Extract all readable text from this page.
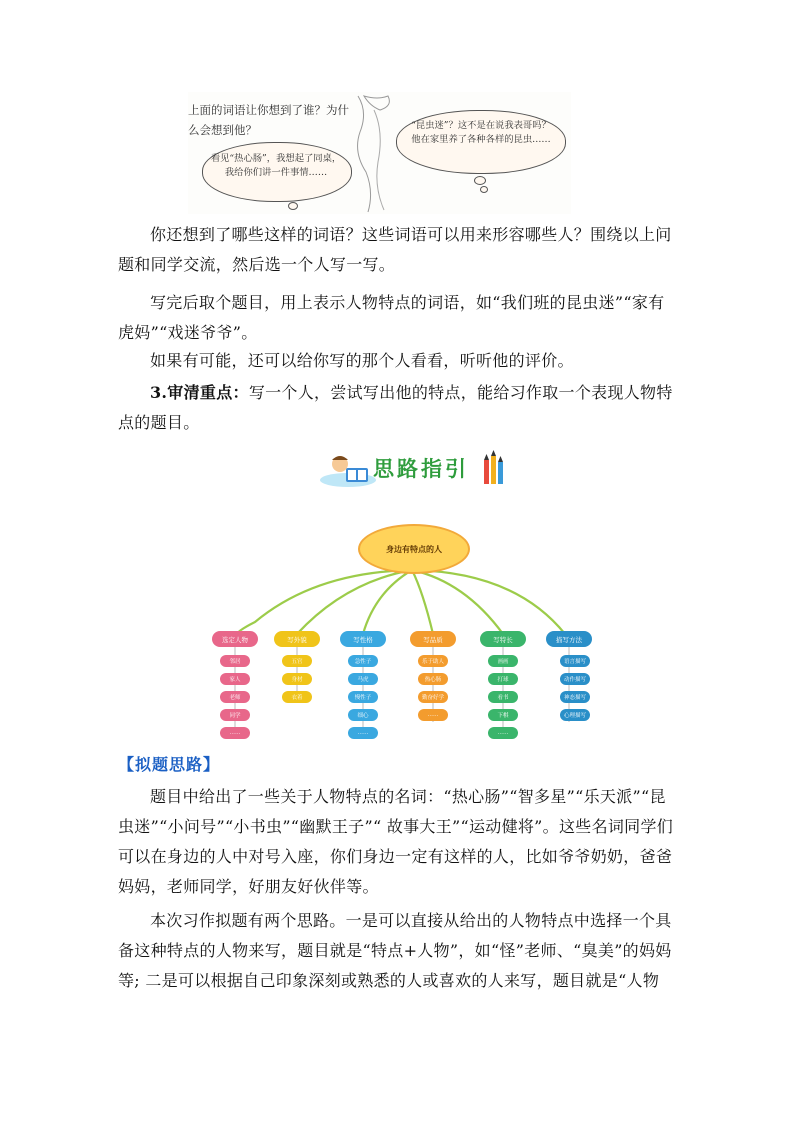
上面的词语让你想到了谁？为什么会想到他？
看见“热心肠”，我想起了同桌，我给你们讲一件事情……
“昆虫迷”？这不是在说我表哥吗？他在家里养了各种各样的昆虫……
你还想到了哪些这样的词语？这些词语可以用来形容哪些人？围绕以上问题和同学交流，然后选一个人写一写。
写完后取个题目，用上表示人物特点的词语，如“我们班的昆虫迷”“家有虎妈”“戏迷爷爷”。
如果有可能，还可以给你写的那个人看看，听听他的评价。
3.审清重点：写一个人，尝试写出他的特点，能给习作取一个表现人物特点的题目。
思路指引
身边有特点的人
选定人物
邻居
家人
老师
同学
……
写外貌
五官
身材
衣着
写性格
急性子
马虎
慢性子
细心
……
写品质
乐于助人
热心肠
勤奋好学
……
写特长
画画
打球
看书
下棋
……
描写方法
语言描写
动作描写
神态描写
心理描写
【拟题思路】
题目中给出了一些关于人物特点的名词：“热心肠”“智多星”“乐天派”“昆虫迷”“小问号”“小书虫”“幽默王子”“ 故事大王”“运动健将”。这些名词同学们可以在身边的人中对号入座，你们身边一定有这样的人，比如爷爷奶奶，爸爸妈妈，老师同学，好朋友好伙伴等。
本次习作拟题有两个思路。一是可以直接从给出的人物特点中选择一个具备这种特点的人物来写，题目就是“特点+人物”，如“怪”老师、“臭美”的妈妈等; 二是可以根据自己印象深刻或熟悉的人或喜欢的人来写，题目就是“人物
